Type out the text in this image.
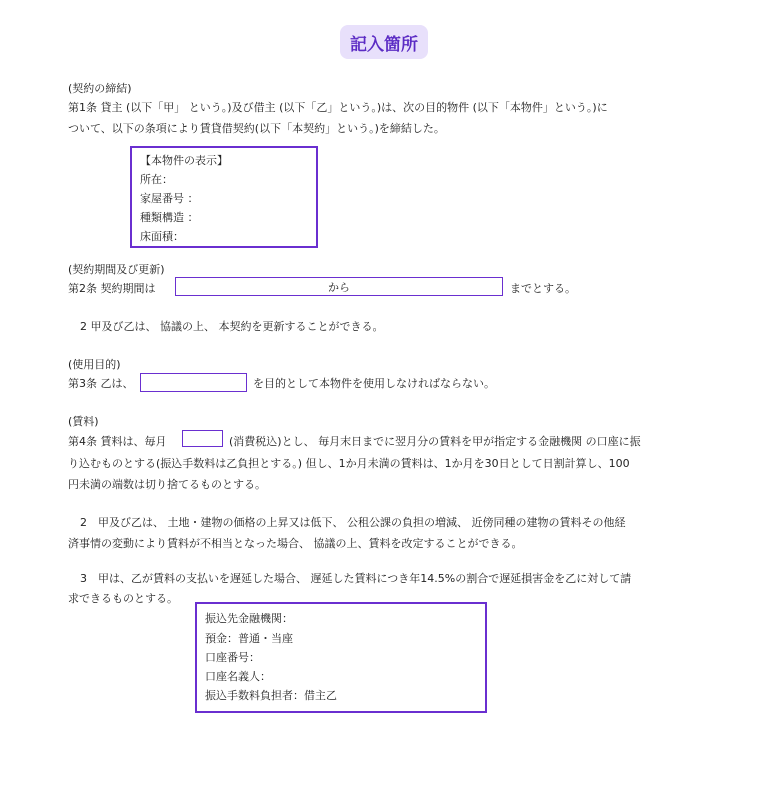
記入箇所
(契約の締結)
第1条 貸主 (以下「甲」 という。)及び借主 (以下「乙」という。)は、次の目的物件 (以下「本物件」という。)に
ついて、以下の条項により賃貸借契約(以下「本契約」という。)を締結した。
【本物件の表示】
所在：
家屋番号 ：
種類構造 ：
床面積：
(契約期間及び更新)
第2条 契約期間は	から	までとする。
2 甲及び乙は、 協議の上、 本契約を更新することができる。
(使用目的)
第3条 乙は、	を目的として本物件を使用しなければならない。
(賃料)
第4条 賃料は、毎月	(消費税込)とし、 毎月末日までに翌月分の賃料を甲が指定する金融機関 の口座に振
り込むものとする(振込手数料は乙負担とする。) 但し、1か月未満の賃料は、1か月を30日として日割計算し、100
円未満の端数は切り捨てるものとする。
2　甲及び乙は、 土地・建物の価格の上昇又は低下、 公租公課の負担の増減、 近傍同種の建物の賃料その他経
済事情の変動により賃料が不相当となった場合、 協議の上、賃料を改定することができる。
3　甲は、乙が賃料の支払いを遅延した場合、 遅延した賃料につき年14.5%の割合で遅延損害金を乙に対して請
求できるものとする。
振込先金融機関：
預金：普通・当座
口座番号：
口座名義人：
振込手数料負担者：借主乙
